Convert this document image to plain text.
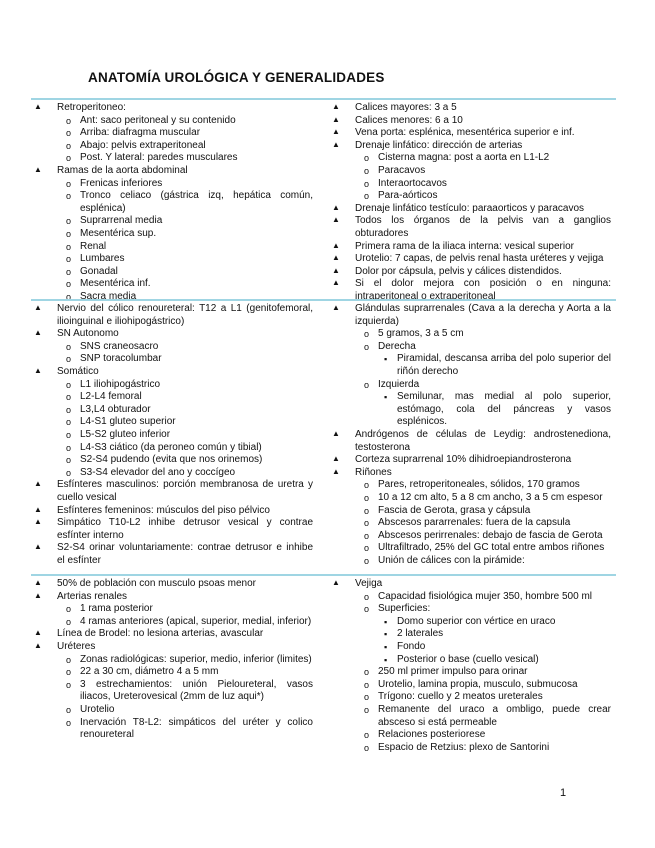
ANATOMÍA UROLÓGICA Y GENERALIDADES
▲ Retroperitoneo:
o Ant: saco peritoneal y su contenido
o Arriba: diafragma muscular
o Abajo: pelvis extraperitoneal
o Post. Y lateral: paredes musculares
▲ Ramas de la aorta abdominal
o Frenicas inferiores
o Tronco celiaco (gástrica izq, hepática común, esplénica)
o Suprarrenal media
o Mesentérica sup.
o Renal
o Lumbares
o Gonadal
o Mesentérica inf.
o Sacra media
▲ Calices mayores: 3 a 5
▲ Calices menores: 6 a 10
▲ Vena porta: esplénica, mesentérica superior e inf.
▲ Drenaje linfático: dirección de arterias
o Cisterna magna: post a aorta en L1-L2
o Paracavos
o Interaortocavos
o Para-aórticos
▲ Drenaje linfático testículo: paraaorticos y paracavos
▲ Todos los órganos de la pelvis van a ganglios obturadores
▲ Primera rama de la iliaca interna: vesical superior
▲ Urotelio: 7 capas, de pelvis renal hasta uréteres y vejiga
▲ Dolor por cápsula, pelvis y cálices distendidos.
▲ Si el dolor mejora con posición o en ninguna: intraperitoneal o extraperitoneal
▲ Nervio del cólico renoureteral: T12 a L1 (genitofemoral, ilioinguinal e iliohipogástrico)
▲ SN Autonomo
o SNS craneosacro
o SNP toracolumbar
▲ Somático
o L1 iliohipogástrico
o L2-L4 femoral
o L3,L4 obturador
o L4-S1 gluteo superior
o L5-S2 gluteo inferior
o L4-S3 ciático (da peroneo común y tibial)
o S2-S4 pudendo (evita que nos orinemos)
o S3-S4 elevador del ano y coccígeo
▲ Esfínteres masculinos: porción membranosa de uretra y cuello vesical
▲ Esfínteres femeninos: músculos del piso pélvico
▲ Simpático T10-L2 inhibe detrusor vesical y contrae esfínter interno
▲ S2-S4 orinar voluntariamente: contrae detrusor e inhibe el esfínter
▲ Glándulas suprarrenales (Cava a la derecha y Aorta a la izquierda)
o 5 gramos, 3 a 5 cm
o Derecha
▪ Piramidal, descansa arriba del polo superior del riñón derecho
o Izquierda
▪ Semilunar, mas medial al polo superior, estómago, cola del páncreas y vasos esplénicos.
▲ Andrógenos de células de Leydig: androstenediona, testosterona
▲ Corteza suprarrenal 10% dihidroepiandrosterona
▲ Riñones
o Pares, retroperitoneales, sólidos, 170 gramos
o 10 a 12 cm alto, 5 a 8 cm ancho, 3 a 5 cm espesor
o Fascia de Gerota, grasa y cápsula
o Abscesos pararrenales: fuera de la capsula
o Abscesos perirrenales: debajo de fascia de Gerota
o Ultrafiltrado, 25% del GC total entre ambos riñones
o Unión de cálices con la pirámide:
▲ 50% de población con musculo psoas menor
▲ Arterias renales
o 1 rama posterior
o 4 ramas anteriores (apical, superior, medial, inferior)
▲ Línea de Brodel: no lesiona arterias, avascular
▲ Uréteres
o Zonas radiológicas: superior, medio, inferior (limites)
o 22 a 30 cm, diámetro 4 a 5 mm
o 3 estrechamientos: unión Pieloureteral, vasos iliacos, Ureterovesical (2mm de luz aqui*)
o Urotelio
o Inervación T8-L2: simpáticos del uréter y colico renoureteral
▲ Vejiga
o Capacidad fisiológica mujer 350, hombre 500 ml
o Superficies:
▪ Domo superior con vértice en uraco
▪ 2 laterales
▪ Fondo
▪ Posterior o base (cuello vesical)
o 250 ml primer impulso para orinar
o Urotelio, lamina propia, musculo, submucosa
o Trígono: cuello y 2 meatos ureterales
o Remanente del uraco a ombligo, puede crear absceso si está permeable
o Relaciones posteriorese
o Espacio de Retzius: plexo de Santorini
1
